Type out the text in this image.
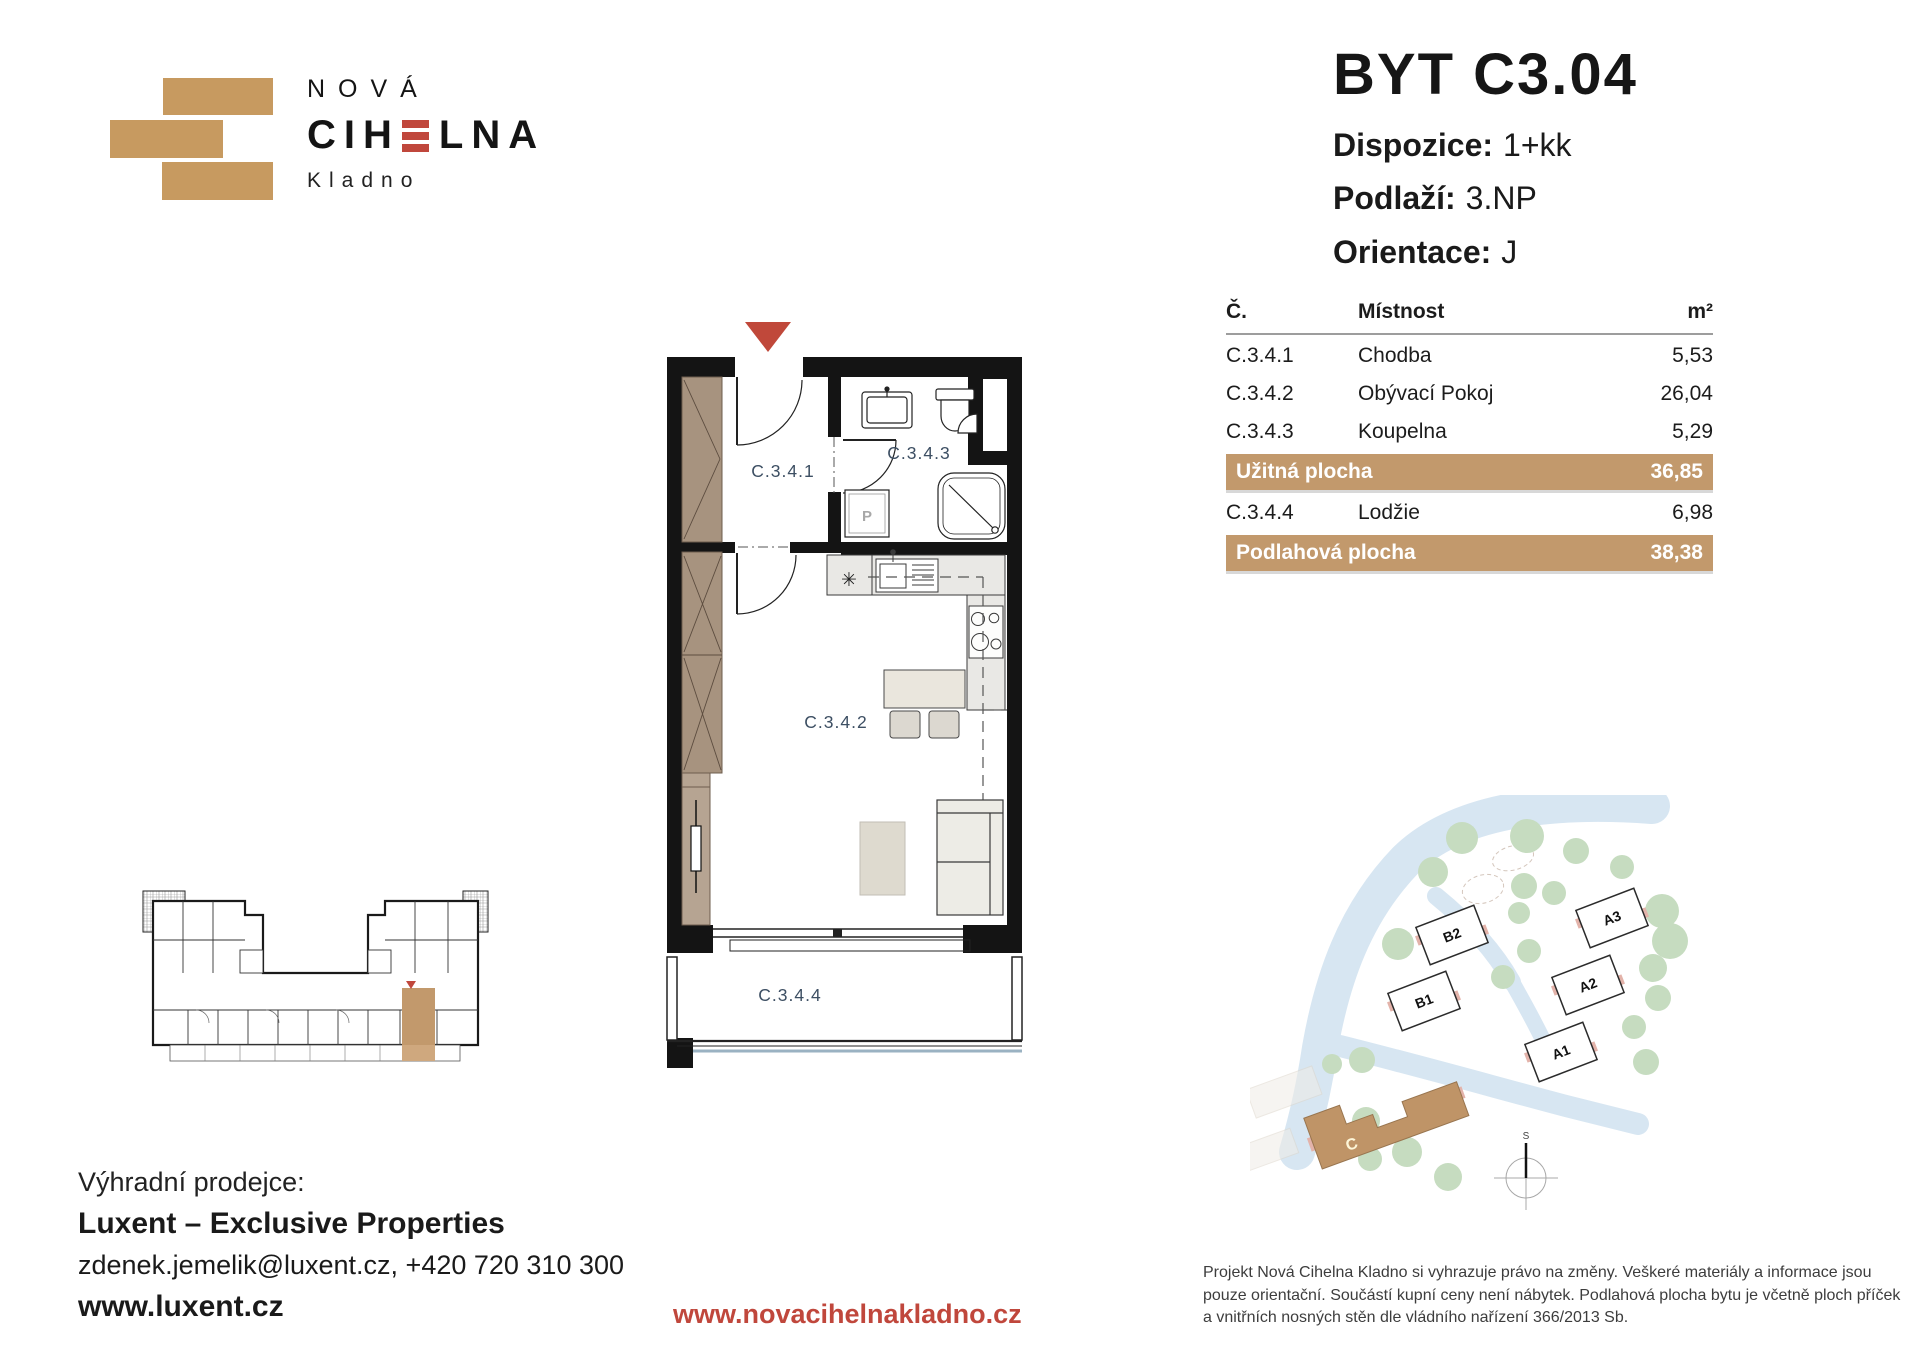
NOVÁ
CIH LNA
Kladno
BYT C3.04
Dispozice: 1+kk
Podlaží: 3.NP
Orientace: J
Č.	Místnost	m²
C.3.4.1	Chodba	5,53
C.3.4.2	Obývací Pokoj	26,04
C.3.4.3	Koupelna	5,29
Užitná plocha	36,85
C.3.4.4	Lodžie	6,98
Podlahová plocha	38,38
P
✳
C.3.4.1
C.3.4.3
C.3.4.2
C.3.4.4
B2
B1
A3
A2
A1
C	S
Výhradní prodejce:
Luxent – Exclusive Properties
zdenek.jemelik@luxent.cz, +420 720 310 300
www.luxent.cz	www.novacihelnakladno.cz
Projekt Nová Cihelna Kladno si vyhrazuje právo na změny. Veškeré materiály a informace jsou pouze orientační. Součástí kupní ceny není nábytek. Podlahová plocha bytu je včetně ploch příček a vnitřních nosných stěn dle vládního nařízení 366/2013 Sb.
